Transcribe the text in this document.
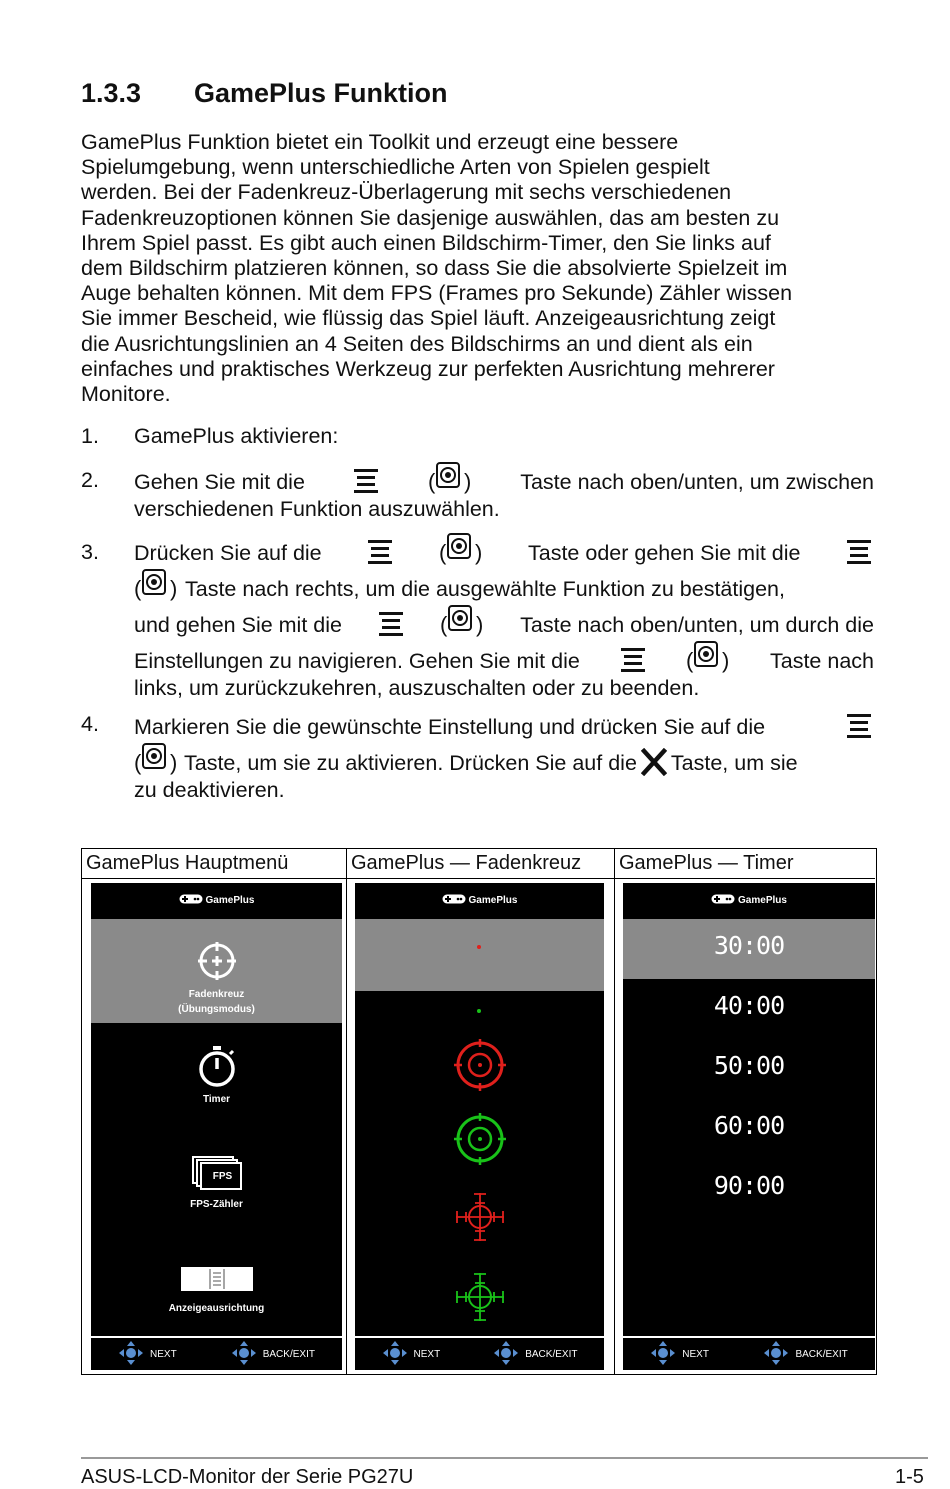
1.3.3 GamePlus Funktion
GamePlus Funktion bietet ein Toolkit und erzeugt eine bessere
Spielumgebung, wenn unterschiedliche Arten von Spielen gespielt
werden. Bei der Fadenkreuz-Überlagerung mit sechs verschiedenen
Fadenkreuzoptionen können Sie dasjenige auswählen, das am besten zu
Ihrem Spiel passt. Es gibt auch einen Bildschirm-Timer, den Sie links auf
dem Bildschirm platzieren können, so dass Sie die absolvierte Spielzeit im
Auge behalten können. Mit dem FPS (Frames pro Sekunde) Zähler wissen
Sie immer Bescheid, wie flüssig das Spiel läuft. Anzeigeausrichtung zeigt
die Ausrichtungslinien an 4 Seiten des Bildschirms an und dient als ein
einfaches und praktisches Werkzeug zur perfekten Ausrichtung mehrerer
Monitore.
1. GamePlus aktivieren:
2. Gehen Sie mit die	( ) Taste nach oben/unten, um zwischen
verschiedenen Funktion auszuwählen.
3. Drücken Sie auf die	( ) Taste oder gehen Sie mit die
( ) Taste nach rechts, um die ausgewählte Funktion zu bestätigen,
und gehen Sie mit die	( ) Taste nach oben/unten, um durch die
Einstellungen zu navigieren. Gehen Sie mit die	( ) Taste nach
links, um zurückzukehren, auszuschalten oder zu beenden.
4. Markieren Sie die gewünschte Einstellung und drücken Sie auf die
( ) Taste, um sie zu aktivieren. Drücken Sie auf die Taste, um sie
zu deaktivieren.
GamePlus Hauptmenü
GamePlus
Fadenkreuz
(Übungsmodus)
Timer
FPS
FPS-Zähler
Anzeigeausrichtung
NEXT	BACK/EXIT
GamePlus — Fadenkreuz
GamePlus
NEXT	BACK/EXIT
GamePlus — Timer
GamePlus
30:00
40:00
50:00
60:00
90:00
NEXT	BACK/EXIT
ASUS-LCD-Monitor der Serie PG27U	1-5
